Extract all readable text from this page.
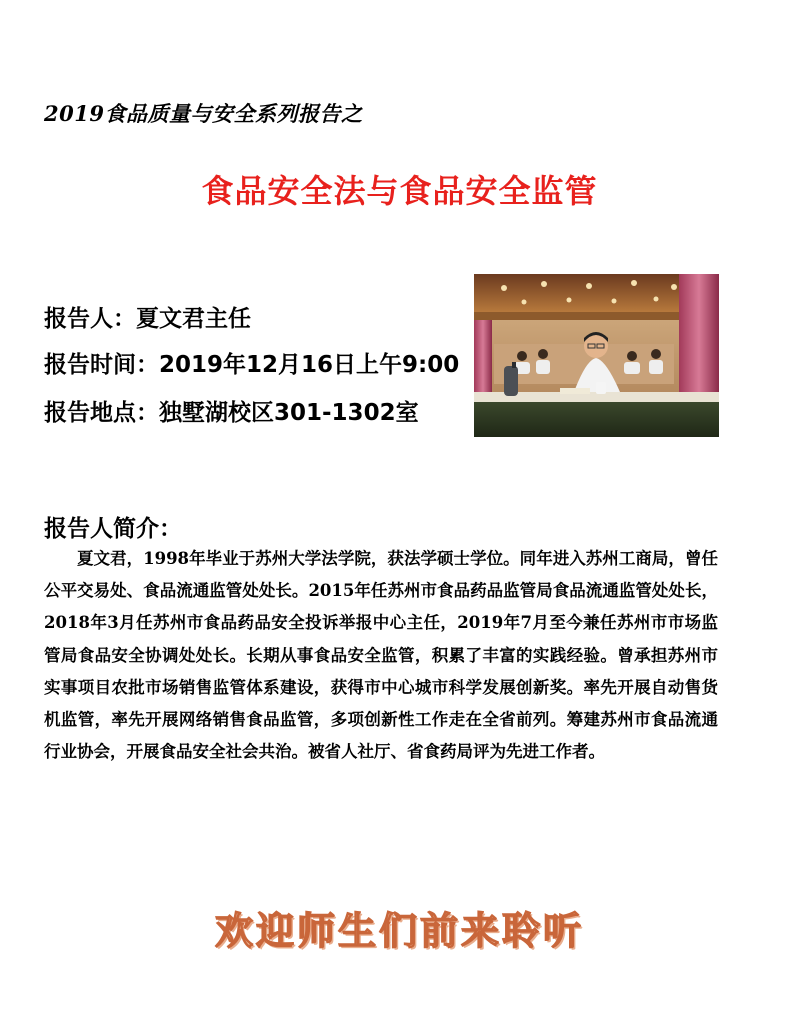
2019食品质量与安全系列报告之
食品安全法与食品安全监管
报告人：夏文君主任
报告时间：2019年12月16日上午9:00
报告地点：独墅湖校区301-1302室
报告人简介：
夏文君，1998年毕业于苏州大学法学院，获法学硕士学位。同年进入苏州工商局，曾任公平交易处、食品流通监管处处长。2015年任苏州市食品药品监管局食品流通监管处处长，2018年3月任苏州市食品药品安全投诉举报中心主任，2019年7月至今兼任苏州市市场监管局食品安全协调处处长。长期从事食品安全监管，积累了丰富的实践经验。曾承担苏州市实事项目农批市场销售监管体系建设，获得市中心城市科学发展创新奖。率先开展自动售货机监管，率先开展网络销售食品监管，多项创新性工作走在全省前列。筹建苏州市食品流通行业协会，开展食品安全社会共治。被省人社厅、省食药局评为先进工作者。
欢迎师生们前来聆听
